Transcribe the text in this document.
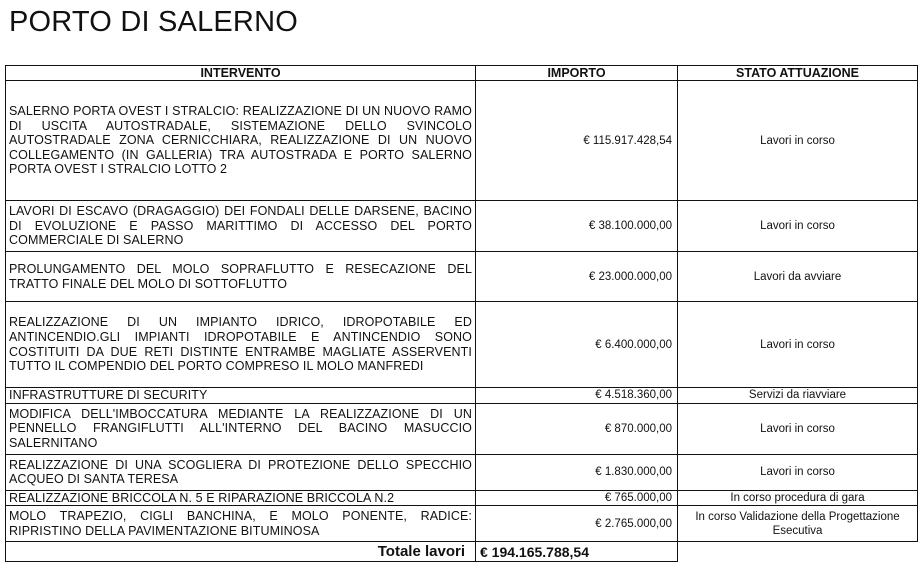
PORTO DI SALERNO
INTERVENTO	IMPORTO	STATO ATTUAZIONE
SALERNO PORTA OVEST I STRALCIO: REALIZZAZIONE DI UN NUOVO RAMO DI USCITA AUTOSTRADALE, SISTEMAZIONE DELLO SVINCOLO AUTOSTRADALE ZONA CERNICCHIARA, REALIZZAZIONE DI UN NUOVO COLLEGAMENTO (IN GALLERIA) TRA AUTOSTRADA E PORTO SALERNO PORTA OVEST I STRALCIO LOTTO 2	€ 115.917.428,54	Lavori in corso
LAVORI DI ESCAVO (DRAGAGGIO) DEI FONDALI DELLE DARSENE, BACINO DI EVOLUZIONE E PASSO MARITTIMO DI ACCESSO DEL PORTO COMMERCIALE DI SALERNO	€ 38.100.000,00	Lavori in corso
PROLUNGAMENTO DEL MOLO SOPRAFLUTTO E RESECAZIONE DEL TRATTO FINALE DEL MOLO DI SOTTOFLUTTO	€ 23.000.000,00	Lavori da avviare
REALIZZAZIONE DI UN IMPIANTO IDRICO, IDROPOTABILE ED ANTINCENDIO.GLI IMPIANTI IDROPOTABILE E ANTINCENDIO SONO COSTITUITI DA DUE RETI DISTINTE ENTRAMBE MAGLIATE ASSERVENTI TUTTO IL COMPENDIO DEL PORTO COMPRESO IL MOLO MANFREDI	€ 6.400.000,00	Lavori in corso
INFRASTRUTTURE DI SECURITY	€ 4.518.360,00	Servizi da riavviare
MODIFICA DELL'IMBOCCATURA MEDIANTE LA REALIZZAZIONE DI UN PENNELLO FRANGIFLUTTI ALL'INTERNO DEL BACINO MASUCCIO SALERNITANO	€ 870.000,00	Lavori in corso
REALIZZAZIONE DI UNA SCOGLIERA DI PROTEZIONE DELLO SPECCHIO ACQUEO DI SANTA TERESA	€ 1.830.000,00	Lavori in corso
REALIZZAZIONE BRICCOLA N. 5 E RIPARAZIONE BRICCOLA N.2	€ 765.000,00	In corso procedura di gara
MOLO TRAPEZIO, CIGLI BANCHINA, E MOLO PONENTE, RADICE: RIPRISTINO DELLA PAVIMENTAZIONE BITUMINOSA	€ 2.765.000,00	In corso Validazione della Progettazione Esecutiva
Totale lavori	€ 194.165.788,54	
